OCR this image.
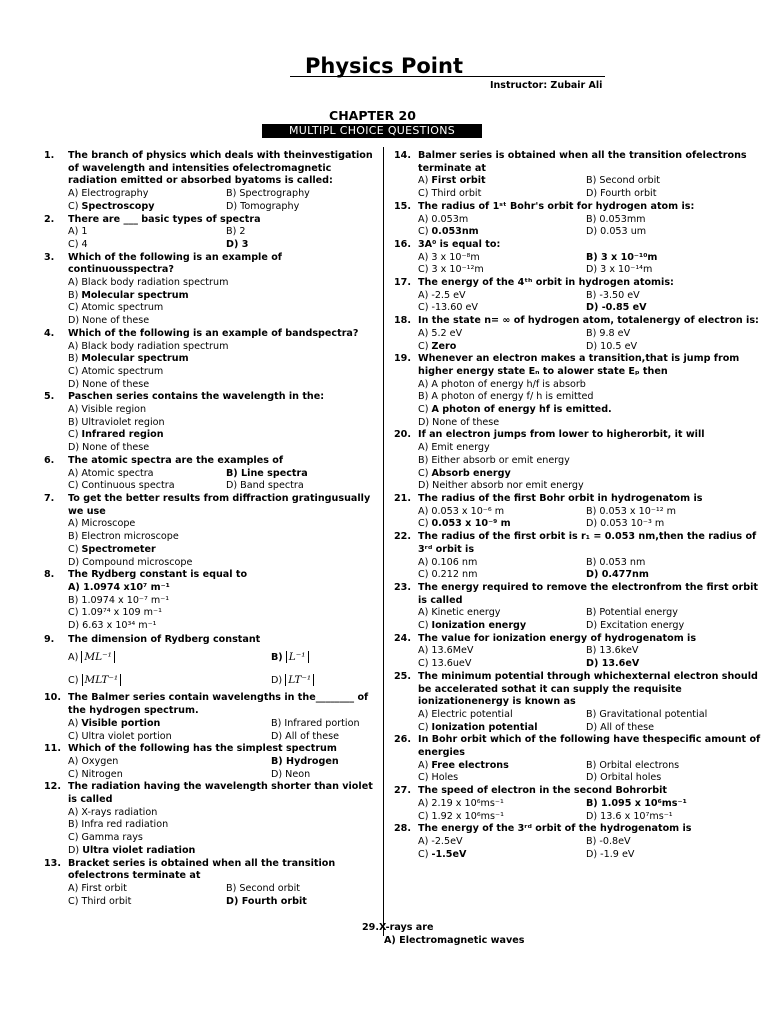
Physics Point
Instructor: Zubair Ali
CHAPTER 20
MULTIPL CHOICE QUESTIONS
1. The branch of physics which deals with theinvestigation of wavelength and intensities ofelectromagnetic radiation emitted or absorbed byatoms is called:
A) Electrography	B) Spectrography
C) Spectroscopy	D) Tomography
2. There are ___ basic types of spectra
A) 1	B) 2
C) 4	D) 3
3. Which of the following is an example of continuousspectra?
A) Black body radiation spectrum
B) Molecular spectrum
C) Atomic spectrum
D) None of these
4. Which of the following is an example of bandspectra?
A) Black body radiation spectrum
B) Molecular spectrum
C) Atomic spectrum
D) None of these
5. Paschen series contains the wavelength in the:
A) Visible region
B) Ultraviolet region
C) Infrared region
D) None of these
6. The atomic spectra are the examples of
A) Atomic spectra	B) Line spectra
C) Continuous spectra	D) Band spectra
7. To get the better results from diffraction gratingusually we use
A) Microscope
B) Electron microscope
C) Spectrometer
D) Compound microscope
8. The Rydberg constant is equal to
A) 1.0974 x10⁷ m⁻¹
B) 1.0974 x 10⁻⁷ m⁻¹
C) 1.09⁷⁴ x 109 m⁻¹
D) 6.63 x 10³⁴ m⁻¹
9. The dimension of Rydberg constant
A) ML⁻¹	B) L⁻¹
C) MLT⁻¹	D) LT⁻¹
10. The Balmer series contain wavelengths in the________ of the hydrogen spectrum.
A) Visible portion	B) Infrared portion
C) Ultra violet portion	D) All of these
11. Which of the following has the simplest spectrum
A) Oxygen	B) Hydrogen
C) Nitrogen	D) Neon
12. The radiation having the wavelength shorter than violet is called
A) X-rays radiation
B) Infra red radiation
C) Gamma rays
D) Ultra violet radiation
13. Bracket series is obtained when all the transition ofelectrons terminate at
A) First orbit	B) Second orbit
C) Third orbit	D) Fourth orbit
14. Balmer series is obtained when all the transition ofelectrons terminate at
A) First orbit	B) Second orbit
C) Third orbit	D) Fourth orbit
15. The radius of 1ˢᵗ Bohr's orbit for hydrogen atom is:
A) 0.053m	B) 0.053mm
C) 0.053nm	D) 0.053 um
16. 3A⁰ is equal to:
A) 3 x 10⁻⁸m	B) 3 x 10⁻¹⁰m
C) 3 x 10⁻¹²m	D) 3 x 10⁻¹⁴m
17. The energy of the 4ᵗʰ orbit in hydrogen atomis:
A) -2.5 eV	B) -3.50 eV
C) -13.60 eV	D) -0.85 eV
18. In the state n= ∞ of hydrogen atom, totalenergy of electron is:
A) 5.2 eV	B) 9.8 eV
C) Zero	D) 10.5 eV
19. Whenever an electron makes a transition,that is jump from higher energy state Eₙ to alower state Eₚ then
A) A photon of energy h/f is absorb
B) A photon of energy f/ h is emitted
C) A photon of energy hf is emitted.
D) None of these
20. If an electron jumps from lower to higherorbit, it will
A) Emit energy
B) Either absorb or emit energy
C) Absorb energy
D) Neither absorb nor emit energy
21. The radius of the first Bohr orbit in hydrogenatom is
A) 0.053 x 10⁻⁶ m	B) 0.053 x 10⁻¹² m
C) 0.053 x 10⁻⁹ m	D) 0.053 10⁻³ m
22. The radius of the first orbit is r₁ = 0.053 nm,then the radius of 3ʳᵈ orbit is
A) 0.106 nm	B) 0.053 nm
C) 0.212 nm	D) 0.477nm
23. The energy required to remove the electronfrom the first orbit is called
A) Kinetic energy	B) Potential energy
C) Ionization energy	D) Excitation energy
24. The value for ionization energy of hydrogenatom is
A) 13.6MeV	B) 13.6keV
C) 13.6ueV	D) 13.6eV
25. The minimum potential through whichexternal electron should be accelerated sothat it can supply the requisite ionizationenergy is known as
A) Electric potential	B) Gravitational potential
C) Ionization potential	D) All of these
26. In Bohr orbit which of the following have thespecific amount of energies
A) Free electrons	B) Orbital electrons
C) Holes	D) Orbital holes
27. The speed of electron in the second Bohrorbit
A) 2.19 x 10⁶ms⁻¹	B) 1.095 x 10⁶ms⁻¹
C) 1.92 x 10⁶ms⁻¹	D) 13.6 x 10⁷ms⁻¹
28. The energy of the 3ʳᵈ orbit of the hydrogenatom is
A) -2.5eV	B) -0.8eV
C) -1.5eV	D) -1.9 eV
29.X-rays are
A) Electromagnetic waves
